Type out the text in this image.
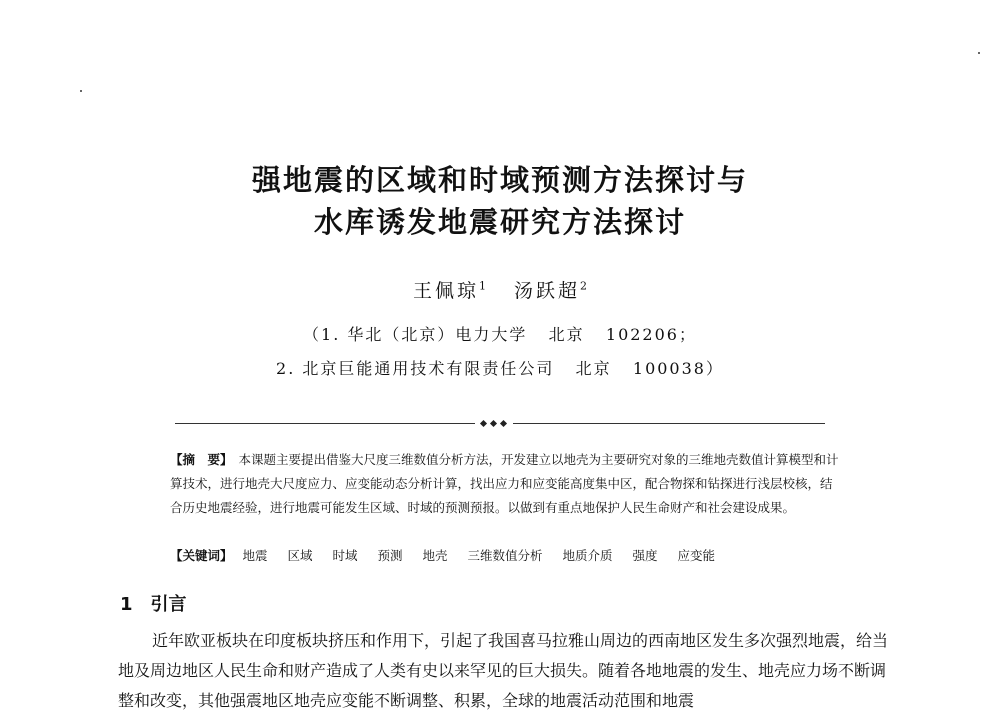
强地震的区域和时域预测方法探讨与
水库诱发地震研究方法探讨

王佩琼$^1$ 汤跃超$^2$

（1. 华北（北京）电力大学   北京   102206；

2. 北京巨能通用技术有限责任公司   北京   100038）

【摘　要】 本课题主要提出借鉴大尺度三维数值分析方法，开发建立以地壳为主要研究对象的三维地壳数值计算模型和计算技术，进行地壳大尺度应力、应变能动态分析计算，找出应力和应变能高度集中区，配合物探和钻探进行浅层校核，结合历史地震经验，进行地震可能发生区域、时域的预测预报。以做到有重点地保护人民生命财产和社会建设成果。

【关键词】 地震 区域 时域 预测 地壳 三维数值分析 地质介质 强度 应变能

1 引言

近年欧亚板块在印度板块挤压和作用下，引起了我国喜马拉雅山周边的西南地区发生多次强烈地震，给当地及周边地区人民生命和财产造成了人类有史以来罕见的巨大损失。随着各地地震的发生、地壳应力场不断调整和改变，其他强震地区地壳应变能不断调整、积累，全球的地震活动范围和地震
